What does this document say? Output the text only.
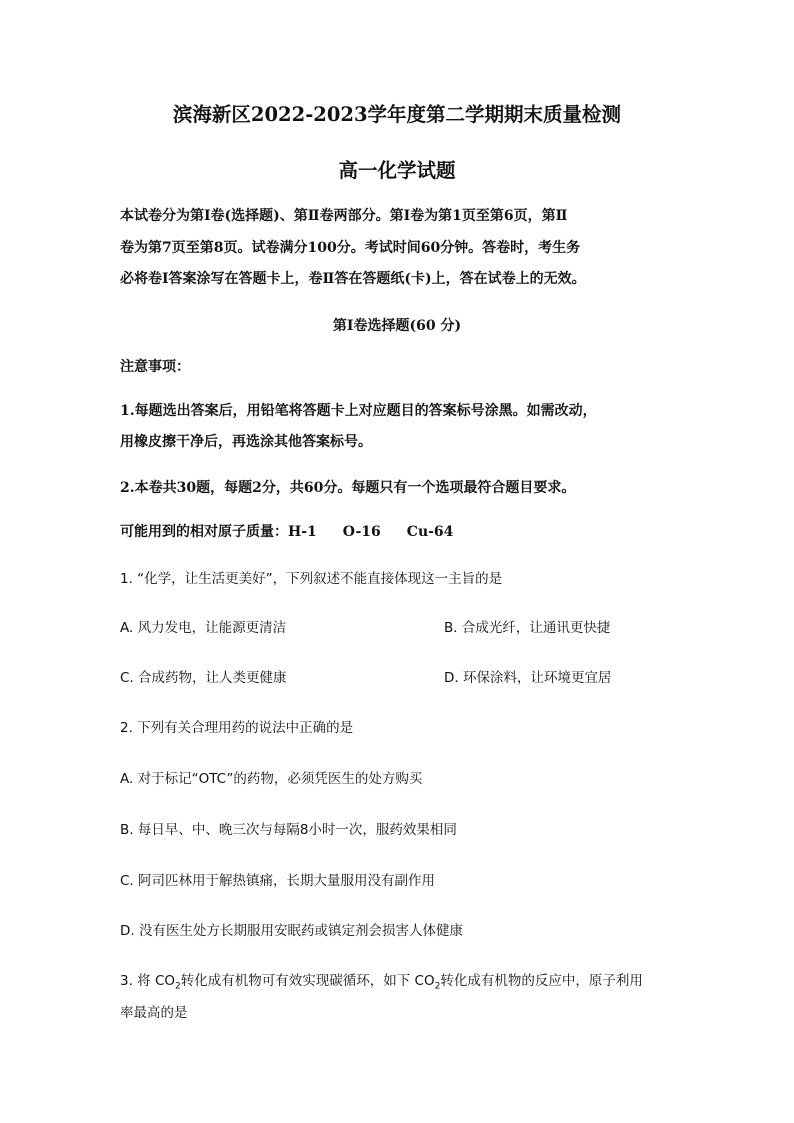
滨海新区2022-2023学年度第二学期期末质量检测
高一化学试题
本试卷分为第Ⅰ卷(选择题)、第Ⅱ卷两部分。第Ⅰ卷为第1页至第6页，第Ⅱ
卷为第7页至第8页。试卷满分100分。考试时间60分钟。答卷时，考生务
必将卷Ⅰ答案涂写在答题卡上，卷Ⅱ答在答题纸(卡)上，答在试卷上的无效。
第Ⅰ卷选择题(60 分)
注意事项：
1.每题选出答案后，用铅笔将答题卡上对应题目的答案标号涂黑。如需改动，
用橡皮擦干净后，再选涂其他答案标号。
2.本卷共30题，每题2分，共60分。每题只有一个选项最符合题目要求。
可能用到的相对原子质量：H-1 O-16 Cu-64
1. “化学，让生活更美好”，下列叙述不能直接体现这一主旨的是
A. 风力发电，让能源更清洁	B. 合成光纤，让通讯更快捷
C. 合成药物，让人类更健康	D. 环保涂料，让环境更宜居
2. 下列有关合理用药的说法中正确的是
A. 对于标记“OTC”的药物，必须凭医生的处方购买
B. 每日早、中、晚三次与每隔8小时一次，服药效果相同
C. 阿司匹林用于解热镇痛，长期大量服用没有副作用
D. 没有医生处方长期服用安眠药或镇定剂会损害人体健康
3. 将 $CO_2$转化成有机物可有效实现碳循环，如下 $CO_2$转化成有机物的反应中，原子利用
率最高的是
